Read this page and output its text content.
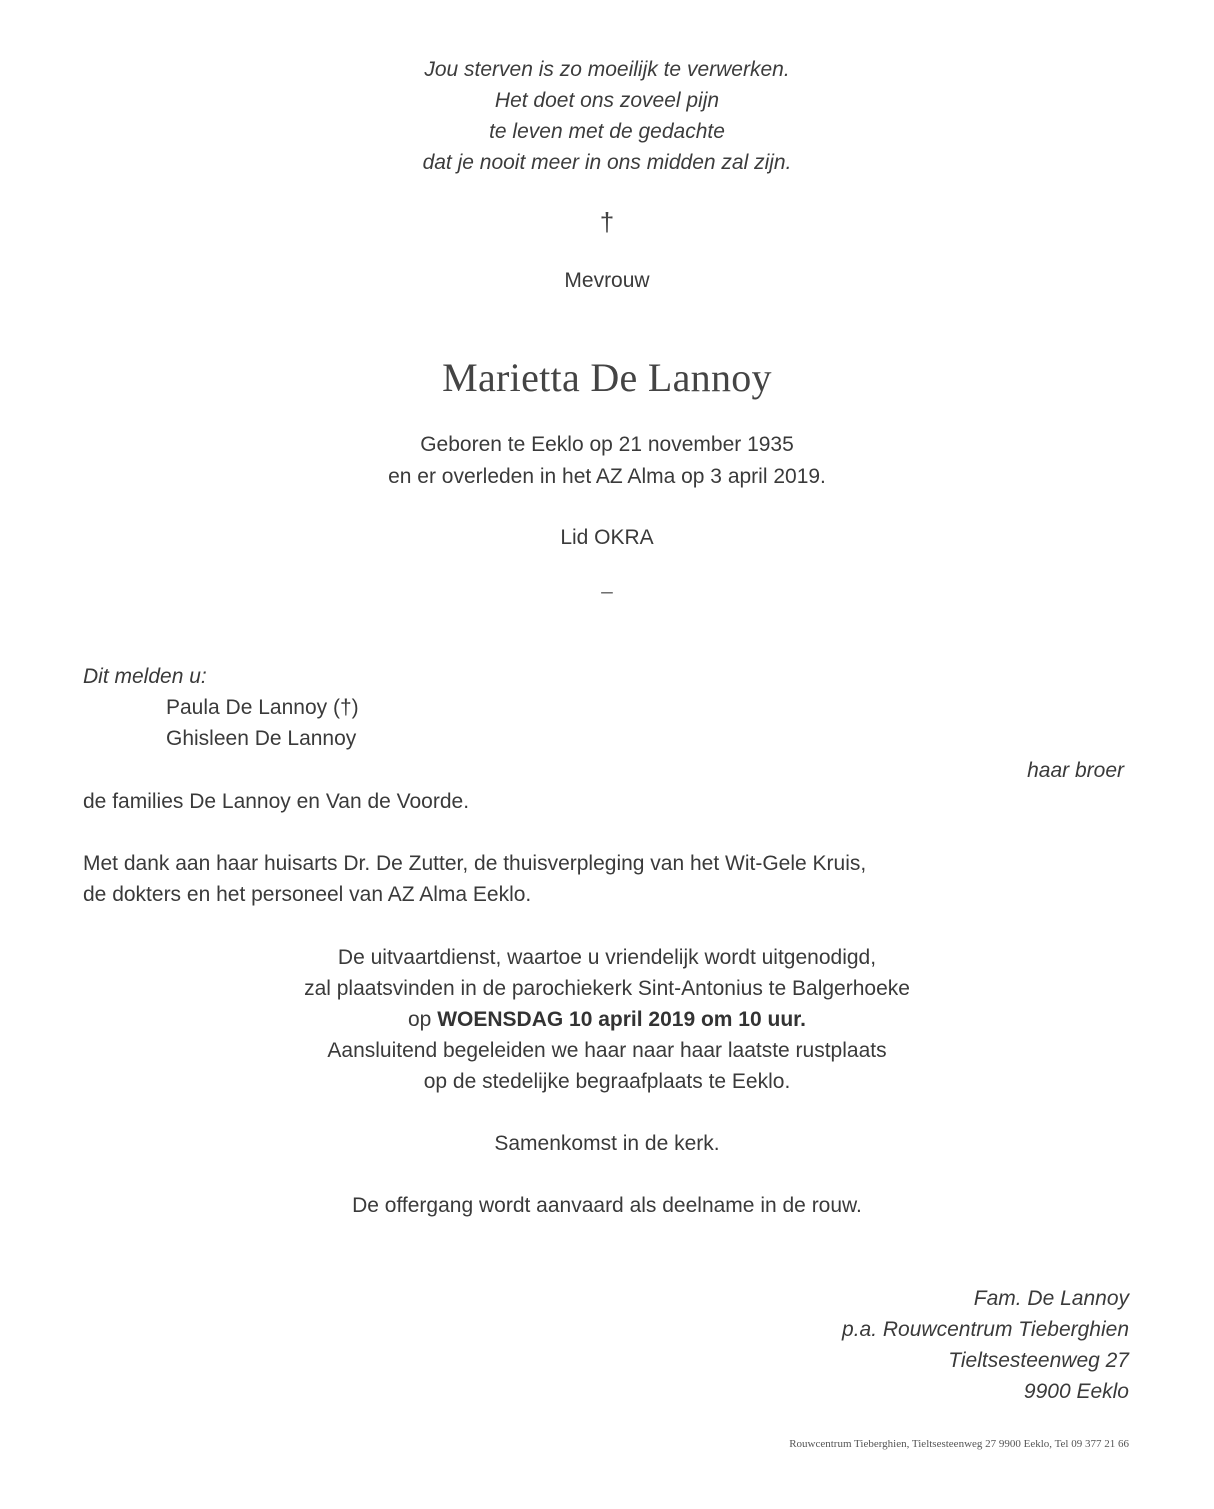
Jou sterven is zo moeilijk te verwerken.
Het doet ons zoveel pijn
te leven met de gedachte
dat je nooit meer in ons midden zal zijn.
†
Mevrouw
Marietta De Lannoy
Geboren te Eeklo op 21 november 1935
en er overleden in het AZ Alma op 3 april 2019.
Lid OKRA
–
Dit melden u:
Paula De Lannoy (†)
Ghisleen De Lannoy
haar broer
de families De Lannoy en Van de Voorde.
Met dank aan haar huisarts Dr. De Zutter, de thuisverpleging van het Wit-Gele Kruis,
de dokters en het personeel van AZ Alma Eeklo.
De uitvaartdienst, waartoe u vriendelijk wordt uitgenodigd,
zal plaatsvinden in de parochiekerk Sint-Antonius te Balgerhoeke
op WOENSDAG 10 april 2019 om 10 uur.
Aansluitend begeleiden we haar naar haar laatste rustplaats
op de stedelijke begraafplaats te Eeklo.
Samenkomst in de kerk.
De offergang wordt aanvaard als deelname in de rouw.
Fam. De Lannoy
p.a. Rouwcentrum Tieberghien
Tieltsesteenweg 27
9900 Eeklo
Rouwcentrum Tieberghien, Tieltsesteenweg 27 9900 Eeklo, Tel 09 377 21 66
